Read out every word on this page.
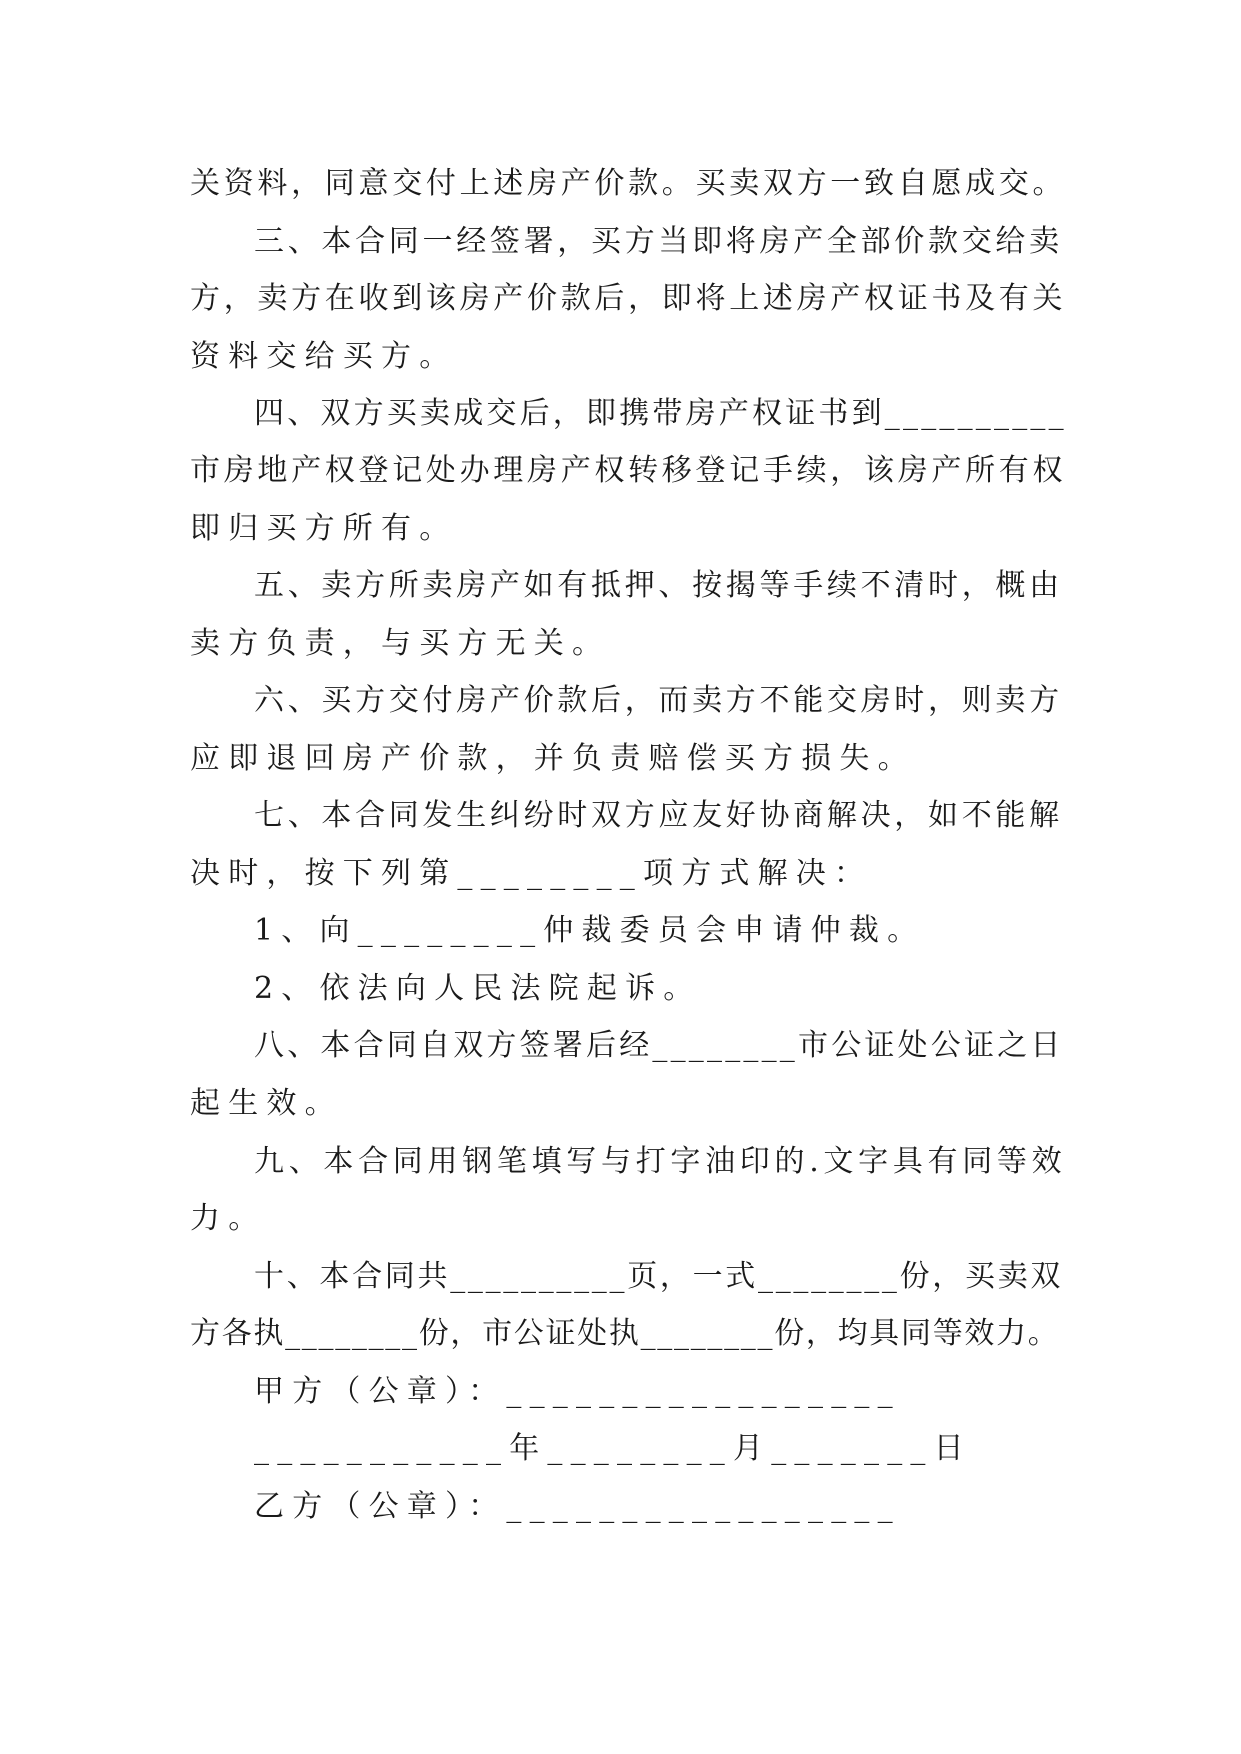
关资料，同意交付上述房产价款。买卖双方一致自愿成交。
三、本合同一经签署，买方当即将房产全部价款交给卖
方，卖方在收到该房产价款后，即将上述房产权证书及有关
资料交给买方。
四、双方买卖成交后，即携带房产权证书到__________
市房地产权登记处办理房产权转移登记手续，该房产所有权
即归买方所有。
五、卖方所卖房产如有抵押、按揭等手续不清时，概由
卖方负责，与买方无关。
六、买方交付房产价款后，而卖方不能交房时，则卖方
应即退回房产价款，并负责赔偿买方损失。
七、本合同发生纠纷时双方应友好协商解决，如不能解
决时，按下列第________项方式解决：
1、向________仲裁委员会申请仲裁。
2、依法向人民法院起诉。
八、本合同自双方签署后经________市公证处公证之日
起生效。
九、本合同用钢笔填写与打字油印的.文字具有同等效
力。
十、本合同共__________页，一式________份，买卖双
方各执________份，市公证处执________份，均具同等效力。
甲方（公章）：_________________
___________年________月_______日
乙方（公章）：_________________
